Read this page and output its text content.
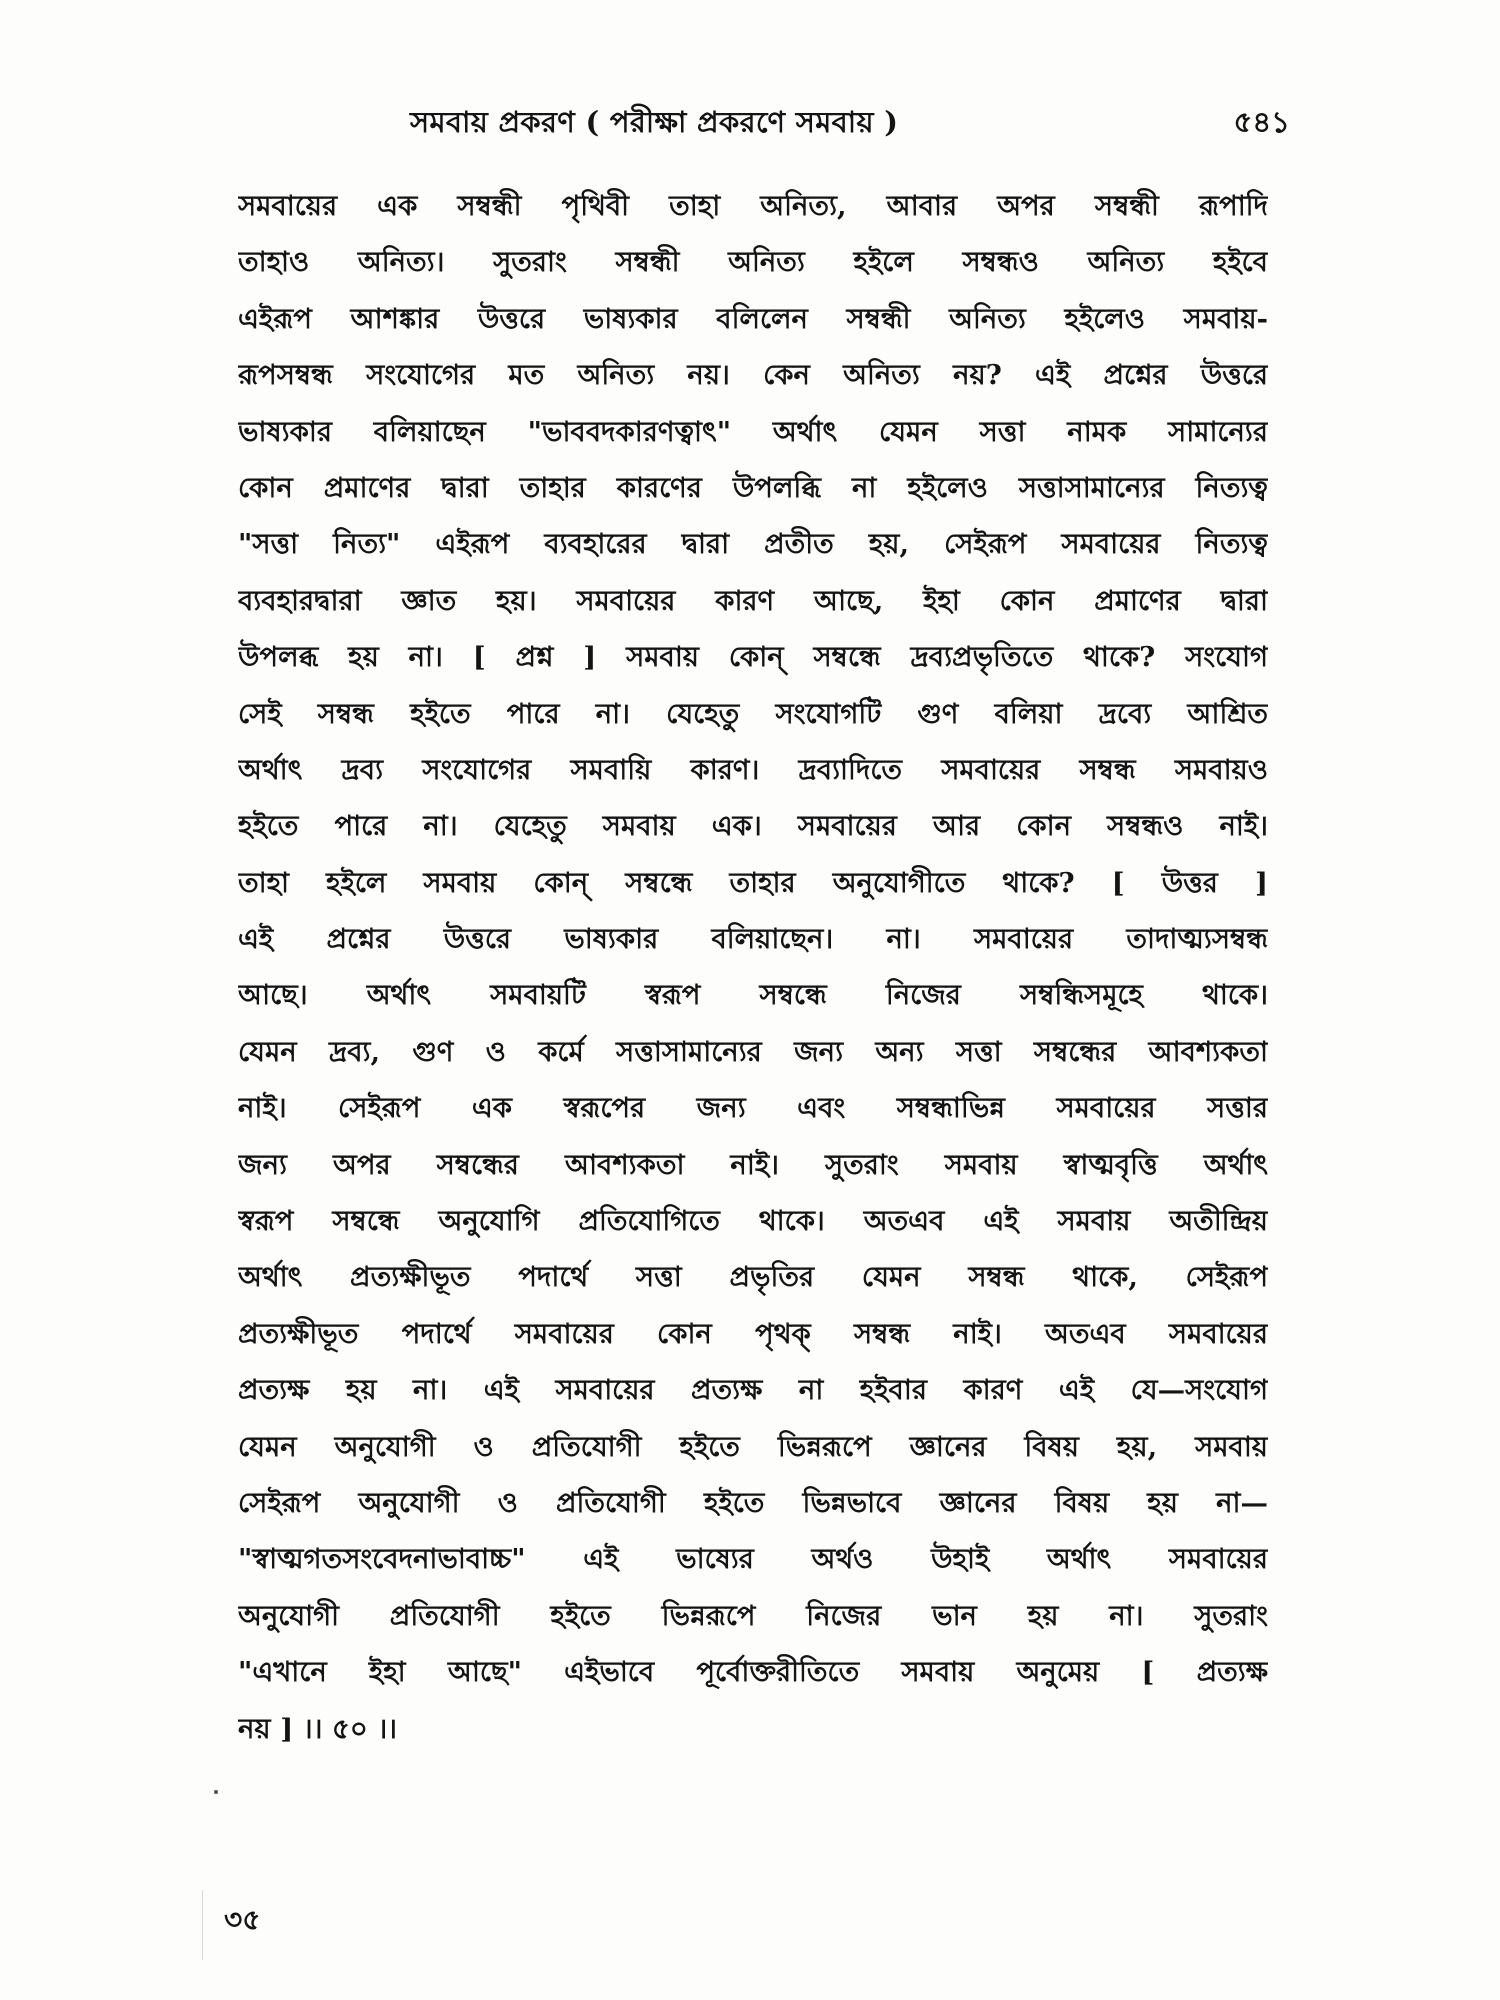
সমবায় প্রকরণ ( পরীক্ষা প্রকরণে সমবায় )	৫৪১
সমবায়ের এক সম্বন্ধী পৃথিবী তাহা অনিত্য, আবার অপর সম্বন্ধী রূপাদি
তাহাও অনিত্য। সুতরাং সম্বন্ধী অনিত্য হইলে সম্বন্ধও অনিত্য হইবে
এইরূপ আশঙ্কার উত্তরে ভাষ্যকার বলিলেন সম্বন্ধী অনিত্য হইলেও সমবায়-
রূপসম্বন্ধ সংযোগের মত অনিত্য নয়। কেন অনিত্য নয়? এই প্রশ্নের উত্তরে
ভাষ্যকার বলিয়াছেন "ভাববদকারণত্বাৎ" অর্থাৎ যেমন সত্তা নামক সামান্যের
কোন প্রমাণের দ্বারা তাহার কারণের উপলব্ধি না হইলেও সত্তাসামান্যের নিত্যত্ব
"সত্তা নিত্য" এইরূপ ব্যবহারের দ্বারা প্রতীত হয়, সেইরূপ সমবায়ের নিত্যত্ব
ব্যবহারদ্বারা জ্ঞাত হয়। সমবায়ের কারণ আছে, ইহা কোন প্রমাণের দ্বারা
উপলব্ধ হয় না। [ প্রশ্ন ] সমবায় কোন্ সম্বন্ধে দ্রব্যপ্রভৃতিতে থাকে? সংযোগ
সেই সম্বন্ধ হইতে পারে না। যেহেতু সংযোগটি গুণ বলিয়া দ্রব্যে আশ্রিত
অর্থাৎ দ্রব্য সংযোগের সমবায়ি কারণ। দ্রব্যাদিতে সমবায়ের সম্বন্ধ সমবায়ও
হইতে পারে না। যেহেতু সমবায় এক। সমবায়ের আর কোন সম্বন্ধও নাই।
তাহা হইলে সমবায় কোন্ সম্বন্ধে তাহার অনুযোগীতে থাকে? [ উত্তর ]
এই প্রশ্নের উত্তরে ভাষ্যকার বলিয়াছেন। না। সমবায়ের তাদাত্ম্যসম্বন্ধ
আছে। অর্থাৎ সমবায়টি স্বরূপ সম্বন্ধে নিজের সম্বন্ধিসমূহে থাকে।
যেমন দ্রব্য, গুণ ও কর্মে সত্তাসামান্যের জন্য অন্য সত্তা সম্বন্ধের আবশ্যকতা
নাই। সেইরূপ এক স্বরূপের জন্য এবং সম্বন্ধাভিন্ন সমবায়ের সত্তার
জন্য অপর সম্বন্ধের আবশ্যকতা নাই। সুতরাং সমবায় স্বাত্মবৃত্তি অর্থাৎ
স্বরূপ সম্বন্ধে অনুযোগি প্রতিযোগিতে থাকে। অতএব এই সমবায় অতীন্দ্রিয়
অর্থাৎ প্রত্যক্ষীভূত পদার্থে সত্তা প্রভৃতির যেমন সম্বন্ধ থাকে, সেইরূপ
প্রত্যক্ষীভূত পদার্থে সমবায়ের কোন পৃথক্ সম্বন্ধ নাই। অতএব সমবায়ের
প্রত্যক্ষ হয় না। এই সমবায়ের প্রত্যক্ষ না হইবার কারণ এই যে—সংযোগ
যেমন অনুযোগী ও প্রতিযোগী হইতে ভিন্নরূপে জ্ঞানের বিষয় হয়, সমবায়
সেইরূপ অনুযোগী ও প্রতিযোগী হইতে ভিন্নভাবে জ্ঞানের বিষয় হয় না—
"স্বাত্মগতসংবেদনাভাবাচ্চ" এই ভাষ্যের অর্থও উহাই অর্থাৎ সমবায়ের
অনুযোগী প্রতিযোগী হইতে ভিন্নরূপে নিজের ভান হয় না। সুতরাং
"এখানে ইহা আছে" এইভাবে পূর্বোক্তরীতিতে সমবায় অনুমেয় [ প্রত্যক্ষ
নয় ] ।। ৫০ ।।
৩৫
